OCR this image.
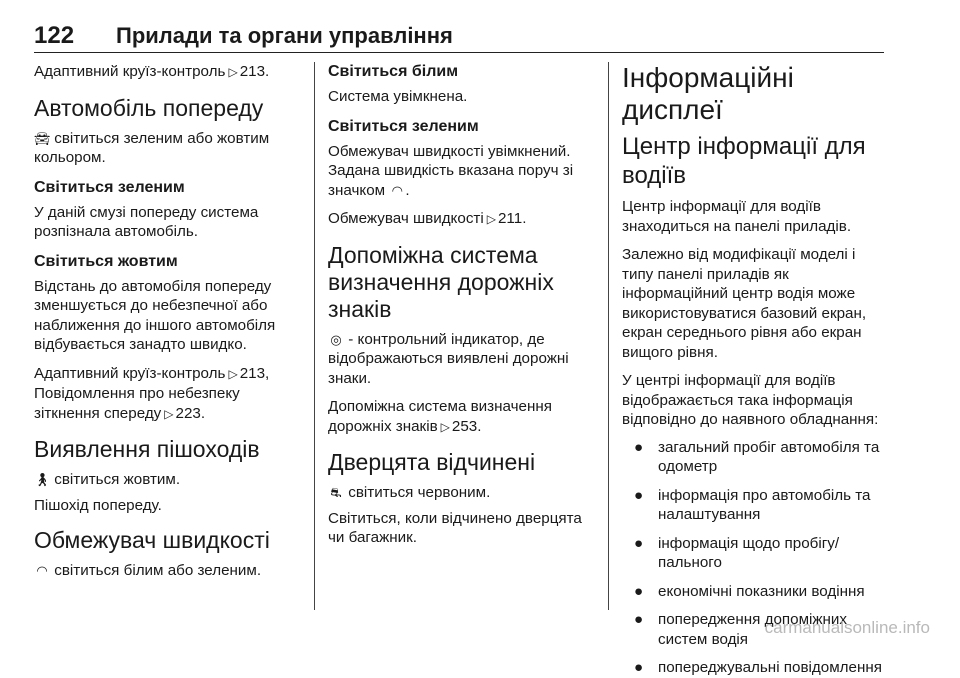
122 Прилади та органи управління

Адаптивний круїз-контроль ▷ 213.

Автомобіль попереду

🚘︎ світиться зеленим або жовтим кольором.

Світиться зеленим

У даній смузі попереду система розпізнала автомобіль.

Світиться жовтим

Відстань до автомобіля попереду зменшується до небезпечної або наближення до іншого автомобіля відбувається занадто швидко.

Адаптивний круїз-контроль ▷ 213,
Повідомлення про небезпеку зіткнення спереду ▷ 223.

Виявлення пішоходів

🚶︎ світиться жовтим.

Пішохід попереду.

Обмежувач швидкості

◠ світиться білим або зеленим.

Світиться білим

Система увімкнена.

Світиться зеленим

Обмежувач швидкості увімкнений. Задана швидкість вказана поруч зі значком ◠ .

Обмежувач швидкості ▷ 211.

Допоміжна система визначення дорожніх знаків

◎ - контрольний індикатор, де відображаються виявлені дорожні знаки.

Допоміжна система визначення дорожніх знаків ▷ 253.

Дверцята відчинені

⛐︎ світиться червоним.

Світиться, коли відчинено дверцята чи багажник.

Інформаційні дисплеї
Центр інформації для водіїв

Центр інформації для водіїв знаходиться на панелі приладів.

Залежно від модифікації моделі і типу панелі приладів як інформаційний центр водія може використовуватися базовий екран, екран середнього рівня або екран вищого рівня.

У центрі інформації для водіїв відображається така інформація відповідно до наявного обладнання:

● загальний пробіг автомобіля та одометр
● інформація про автомобіль та налаштування
● інформація щодо пробігу/пального
● економічні показники водіння
● попередження допоміжних систем водія
● попереджувальні повідомлення
carmanualsonline.info
